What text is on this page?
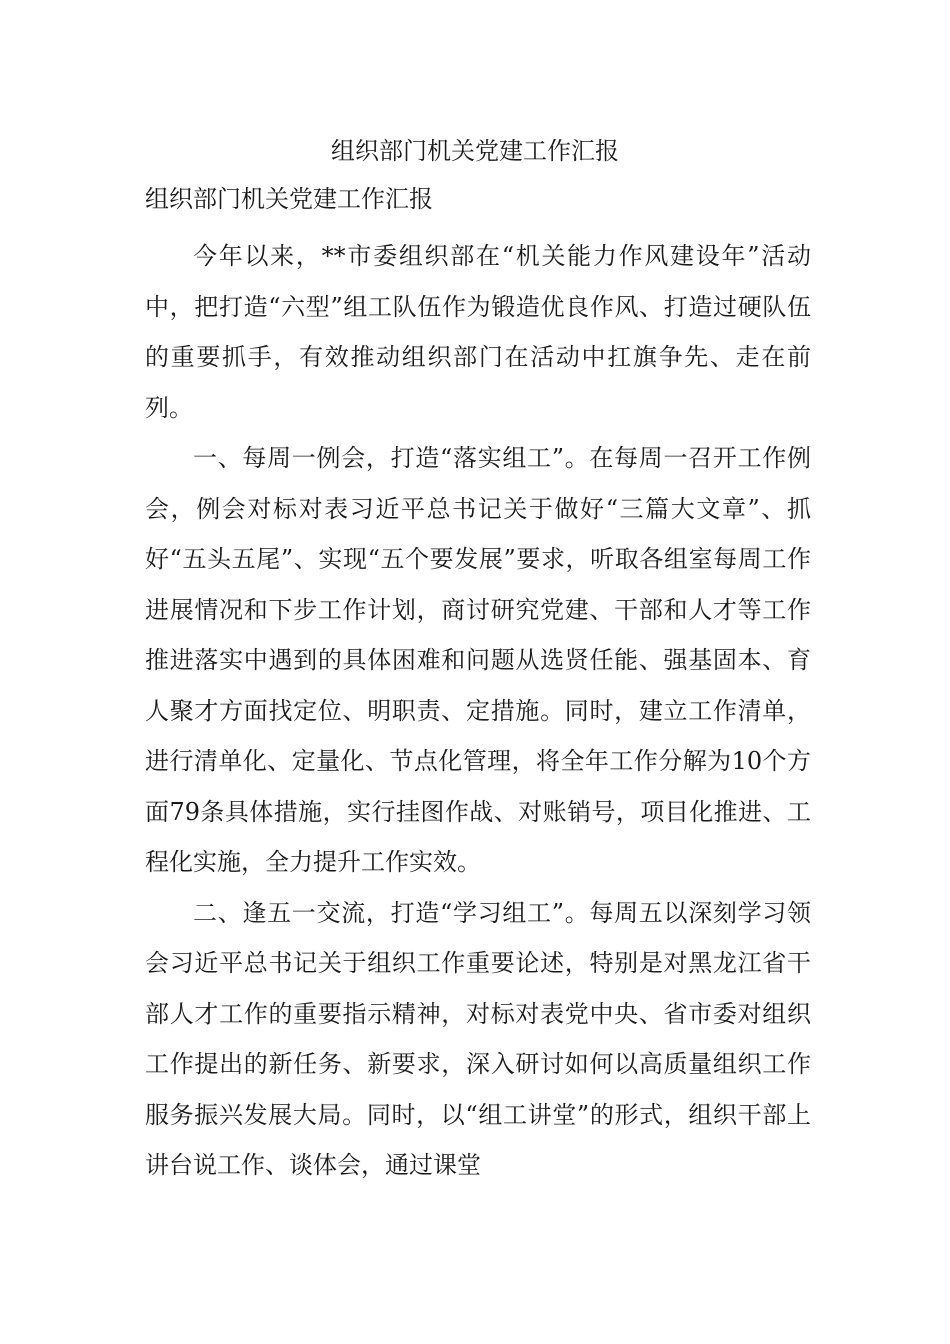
组织部门机关党建工作汇报

组织部门机关党建工作汇报

今年以来，**市委组织部在“机关能力作风建设年”活动中，把打造“六型”组工队伍作为锻造优良作风、打造过硬队伍的重要抓手，有效推动组织部门在活动中扛旗争先、走在前列。

一、每周一例会，打造“落实组工”。在每周一召开工作例会，例会对标对表习近平总书记关于做好“三篇大文章”、抓好“五头五尾”、实现“五个要发展”要求，听取各组室每周工作进展情况和下步工作计划，商讨研究党建、干部和人才等工作推进落实中遇到的具体困难和问题从选贤任能、强基固本、育人聚才方面找定位、明职责、定措施。同时，建立工作清单，进行清单化、定量化、节点化管理，将全年工作分解为10个方面79条具体措施，实行挂图作战、对账销号，项目化推进、工程化实施，全力提升工作实效。

二、逢五一交流，打造“学习组工”。每周五以深刻学习领会习近平总书记关于组织工作重要论述，特别是对黑龙江省干部人才工作的重要指示精神，对标对表党中央、省市委对组织工作提出的新任务、新要求，深入研讨如何以高质量组织工作服务振兴发展大局。同时，以“组工讲堂”的形式，组织干部上讲台说工作、谈体会，通过课堂
